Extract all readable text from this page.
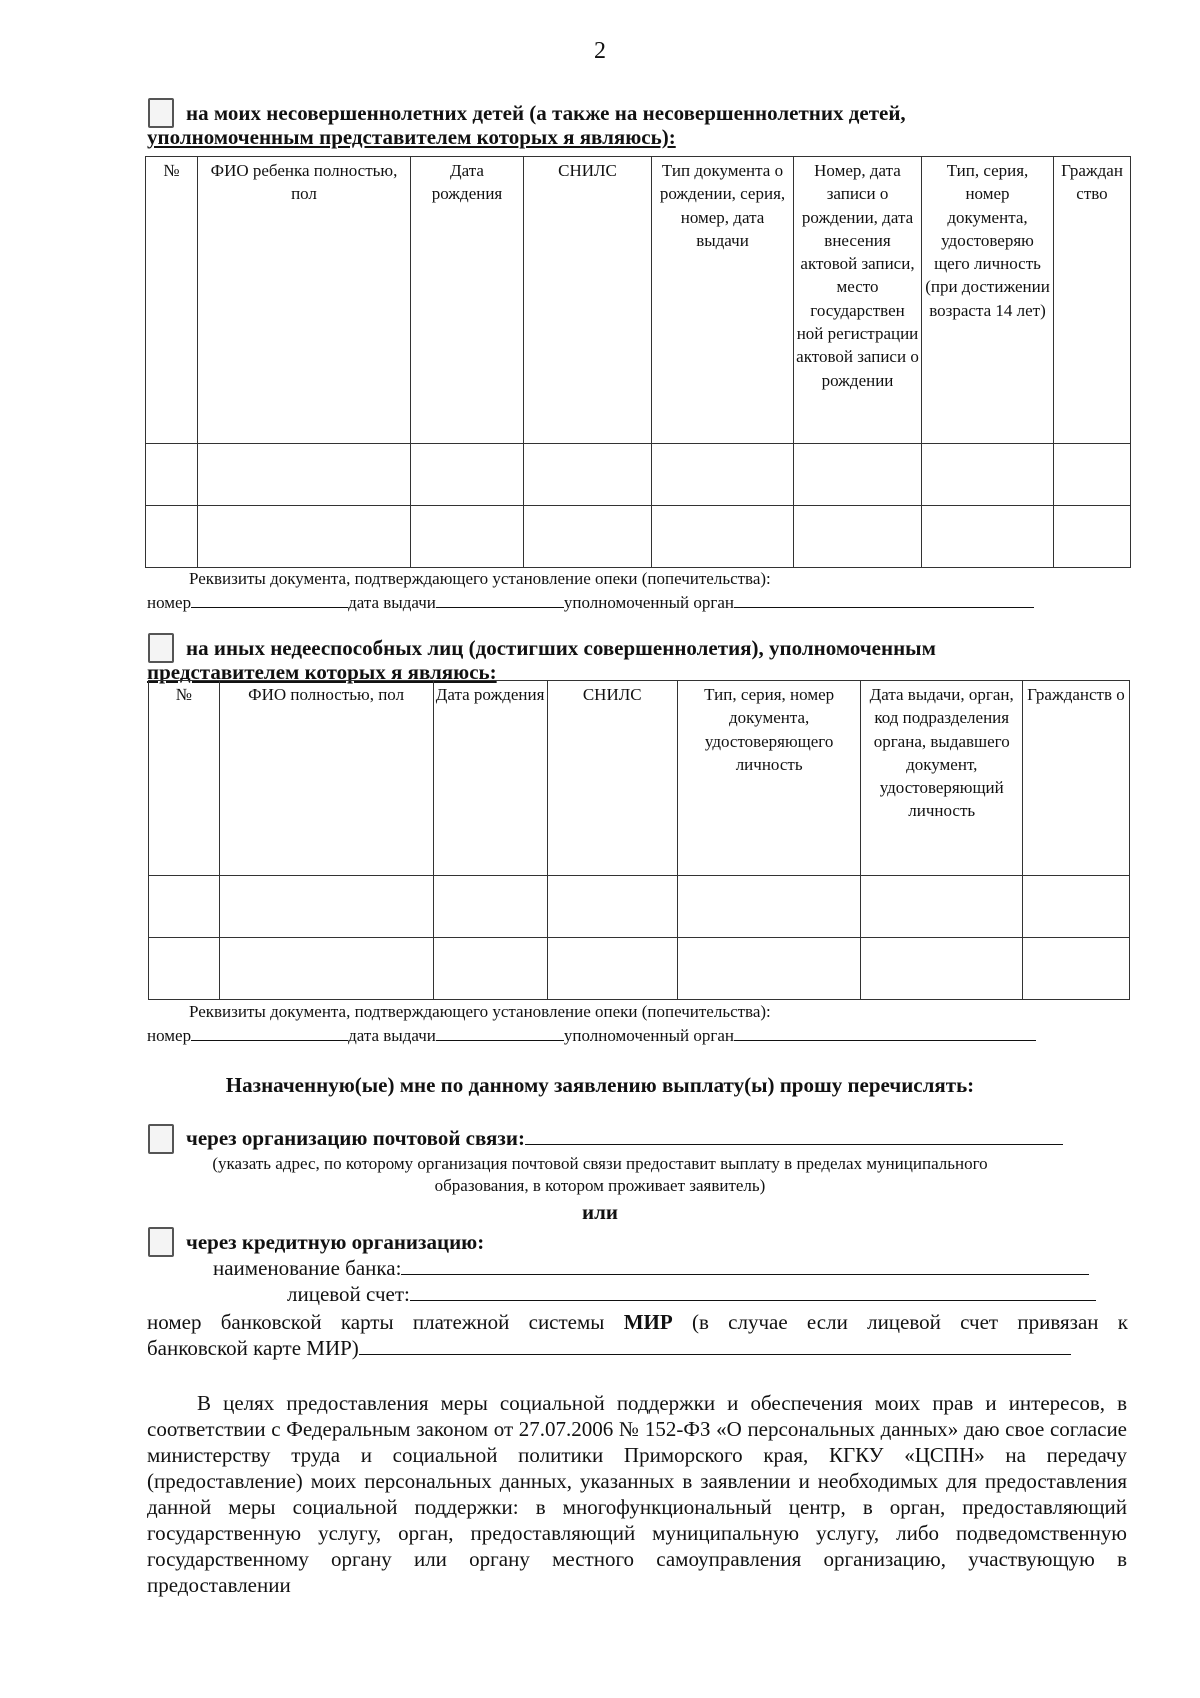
2
на моих несовершеннолетних детей (а также на несовершеннолетних детей,
уполномоченным представителем которых я являюсь):
№	ФИО ребенка полностью, пол	Дата рождения	СНИЛС	Тип документа о рождении, серия, номер, дата выдачи	Номер, дата записи о рождении, дата внесения актовой записи, место государствен ной регистрации актовой записи о рождении	Тип, серия, номер документа, удостоверяю щего личность (при достижении возраста 14 лет)	Граждан ство

Реквизиты документа, подтверждающего установление опеки (попечительства):
номер	дата выдачи	уполномоченный орган
на иных недееспособных лиц (достигших совершеннолетия), уполномоченным
представителем которых я являюсь:
№	ФИО полностью, пол	Дата рождения	СНИЛС	Тип, серия, номер документа, удостоверяющего личность	Дата выдачи, орган, код подразделения органа, выдавшего документ, удостоверяющий личность	Гражданств о

Реквизиты документа, подтверждающего установление опеки (попечительства):
номер	дата выдачи	уполномоченный орган
Назначенную(ые) мне по данному заявлению выплату(ы) прошу перечислять:
через организацию почтовой связи:
(указать адрес, по которому организация почтовой связи предоставит выплату в пределах муниципального
образования, в котором проживает заявитель)
или
через кредитную организацию:
наименование банка:
лицевой счет:
номер банковской карты платежной системы МИР (в случае если лицевой счет привязан к
банковской карте МИР)
В целях предоставления меры социальной поддержки и обеспечения моих прав и интересов, в соответствии с Федеральным законом от 27.07.2006 № 152-ФЗ «О персональных данных» даю свое согласие министерству труда и социальной политики Приморского края, КГКУ «ЦСПН» на передачу (предоставление) моих персональных данных, указанных в заявлении и необходимых для предоставления данной меры социальной поддержки: в многофункциональный центр, в орган, предоставляющий государственную услугу, орган, предоставляющий муниципальную услугу, либо подведомственную государственному органу или органу местного самоуправления организацию, участвующую в предоставлении
